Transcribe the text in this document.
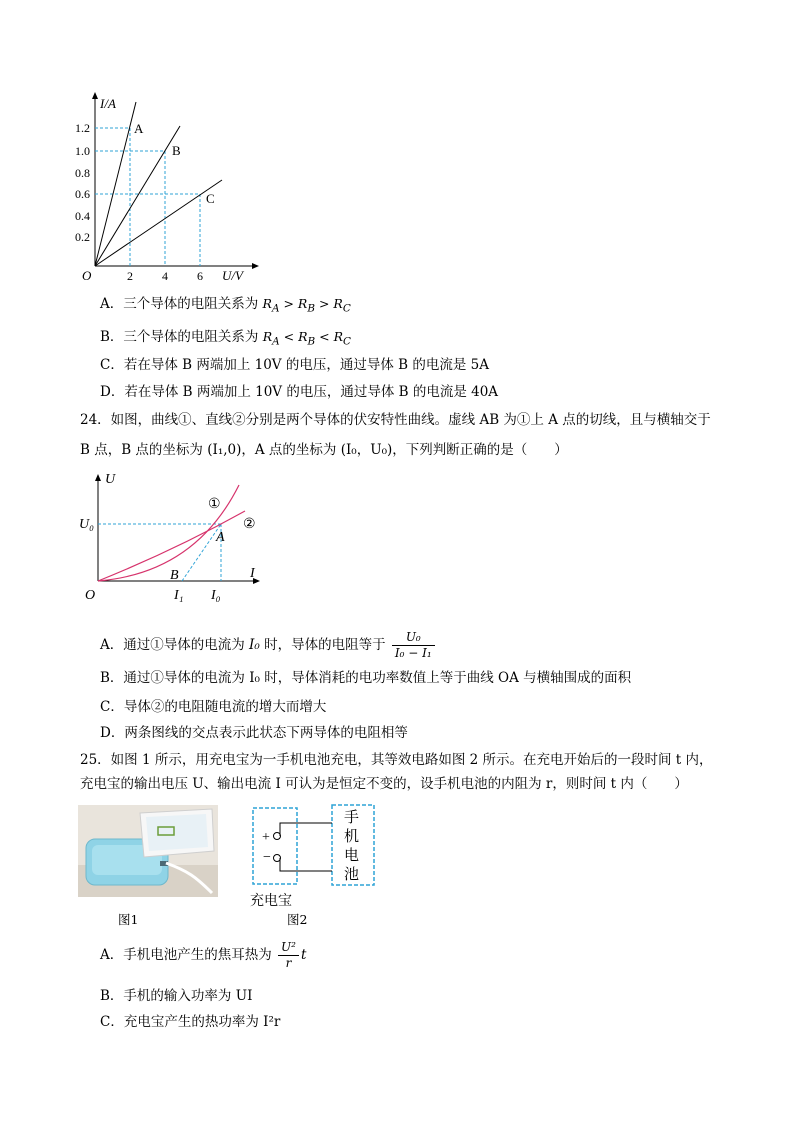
I/A
O	U/V
1.2
1.0
0.8
0.6
0.4
0.2
2 4 6
A
B
C
A．三个导体的电阻关系为 $R_A > R_B > R_C$
B．三个导体的电阻关系为 $R_A < R_B < R_C$
C．若在导体 B 两端加上 10V 的电压，通过导体 B 的电流是 5A
D．若在导体 B 两端加上 10V 的电压，通过导体 B 的电流是 40A
24．如图，曲线①、直线②分别是两个导体的伏安特性曲线。虚线 AB 为①上 A 点的切线，且与横轴交于
B 点，B 点的坐标为 (I₁,0)，A 点的坐标为 (I₀，U₀)，下列判断正确的是（　　）
U
O
I
U₀
A
B
I₁ I₀
①
②
A．通过①导体的电流为 I₀ 时，导体的电阻等于 $\frac{\text{U₀}}{\text{I₀ − I₁}}$
B．通过①导体的电流为 I₀ 时，导体消耗的电功率数值上等于曲线 OA 与横轴围成的面积
C．导体②的电阻随电流的增大而增大
D．两条图线的交点表示此状态下两导体的电阻相等
25．如图 1 所示，用充电宝为一手机电池充电，其等效电路如图 2 所示。在充电开始后的一段时间 t 内，
充电宝的输出电压 U、输出电流 I 可认为是恒定不变的，设手机电池的内阻为 r，则时间 t 内（　　）
图1
+
−
手
机
电
池
充电宝
图2
A．手机电池产生的焦耳热为 $\frac{\text{U²}}{r}$ t
B．手机的输入功率为 UI
C．充电宝产生的热功率为 I²r
